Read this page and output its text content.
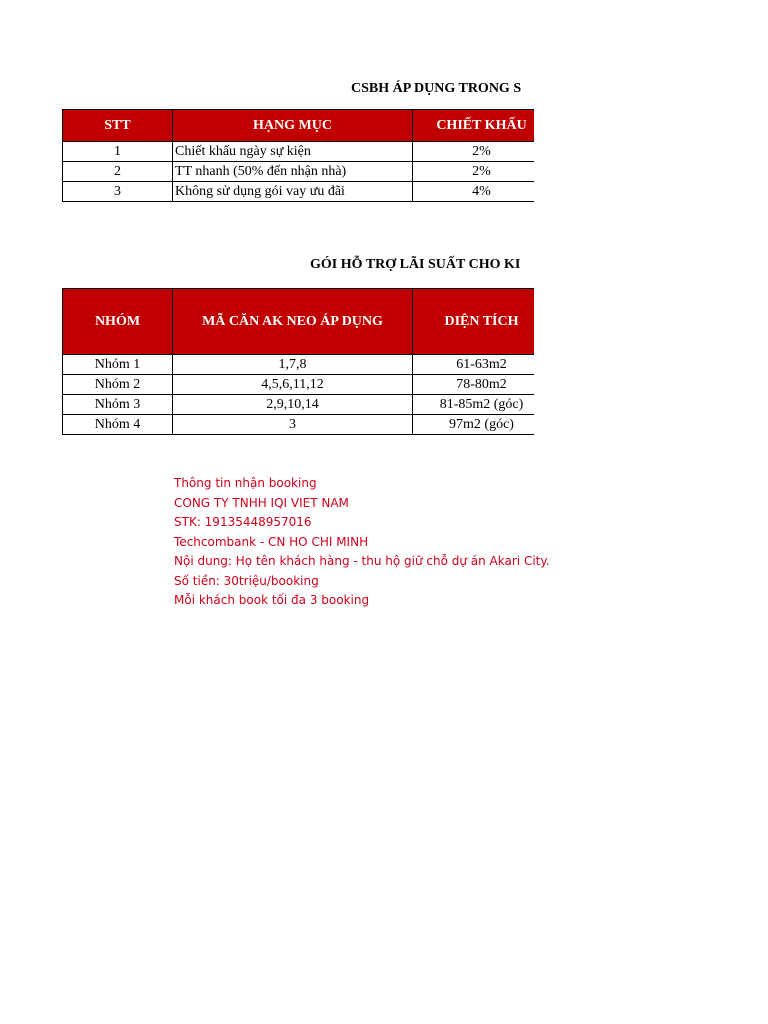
CSBH ÁP DỤNG TRONG S
STT	HẠNG MỤC	CHIẾT KHẤU
1	Chiết khấu ngày sự kiện	2%
2	TT nhanh (50% đến nhận nhà)	2%
3	Không sử dụng gói vay ưu đãi	4%
GÓI HỖ TRỢ LÃI SUẤT CHO KI
NHÓM	MÃ CĂN AK NEO ÁP DỤNG	DIỆN TÍCH
Nhóm 1	1,7,8	61-63m2
Nhóm 2	4,5,6,11,12	78-80m2
Nhóm 3	2,9,10,14	81-85m2 (góc)
Nhóm 4	3	97m2 (góc)
Thông tin nhận booking
CONG TY TNHH IQI VIET NAM
STK: 19135448957016
Techcombank - CN HO CHI MINH
Nội dung: Họ tên khách hàng - thu hộ giữ chỗ dự án Akari City.
Số tiền: 30triệu/booking
Mỗi khách book tối đa 3 booking
